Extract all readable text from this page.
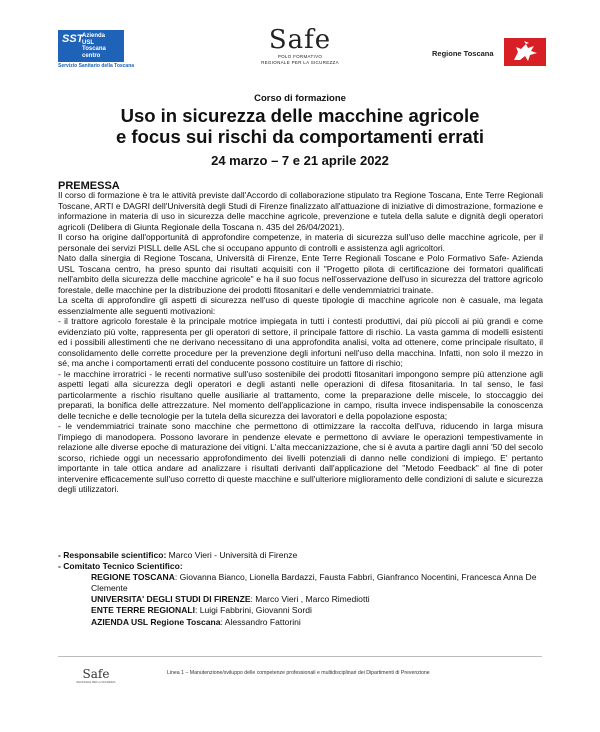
SST
Azienda
USL
Toscana
centro
Servizio Sanitario della Toscana
Safe
POLO FORMATIVO
REGIONALE PER LA SICUREZZA
Regione Toscana
Corso di formazione
Uso in sicurezza delle macchine agricole
e focus sui rischi da comportamenti errati
24 marzo – 7 e 21 aprile 2022
PREMESSA

Il corso di formazione è tra le attività previste dall'Accordo di collaborazione stipulato tra Regione Toscana, Ente Terre Regionali Toscane, ARTI e DAGRI dell'Università degli Studi di Firenze finalizzato all'attuazione di iniziative di dimostrazione, formazione e informazione in materia di uso in sicurezza delle macchine agricole, prevenzione e tutela della salute e dignità degli operatori agricoli (Delibera di Giunta Regionale della Toscana n. 435 del 26/04/2021).

Il corso ha origine dall'opportunità di approfondire competenze, in materia di sicurezza sull'uso delle macchine agricole, per il personale dei servizi PISLL delle ASL che si occupano appunto di controlli e assistenza agli agricoltori.

Nato dalla sinergia di Regione Toscana, Università di Firenze, Ente Terre Regionali Toscane e Polo Formativo Safe- Azienda USL Toscana centro, ha preso spunto dai risultati acquisiti con il "Progetto pilota di certificazione dei formatori qualificati nell'ambito della sicurezza delle macchine agricole" e ha il suo focus nell'osservazione dell'uso in sicurezza del trattore agricolo forestale, delle macchine per la distribuzione dei prodotti fitosanitari e delle vendemmiatrici trainate.

La scelta di approfondire gli aspetti di sicurezza nell'uso di queste tipologie di macchine agricole non è casuale, ma legata essenzialmente alle seguenti motivazioni:

- il trattore agricolo forestale è la principale motrice impiegata in tutti i contesti produttivi, dai più piccoli ai più grandi e come evidenziato più volte, rappresenta per gli operatori di settore, il principale fattore di rischio. La vasta gamma di modelli esistenti ed i possibili allestimenti che ne derivano necessitano di una approfondita analisi, volta ad ottenere, come principale risultato, il consolidamento delle corrette procedure per la prevenzione degli infortuni nell'uso della macchina. Infatti, non solo il mezzo in sé, ma anche i comportamenti errati del conducente possono costituire un fattore di rischio;

- le macchine irroratrici - le recenti normative sull'uso sostenibile dei prodotti fitosanitari impongono sempre più attenzione agli aspetti legati alla sicurezza degli operatori e degli astanti nelle operazioni di difesa fitosanitaria. In tal senso, le fasi particolarmente a rischio risultano quelle ausiliarie al trattamento, come la preparazione delle miscele, lo stoccaggio dei preparati, la bonifica delle attrezzature. Nel momento dell'applicazione in campo, risulta invece indispensabile la conoscenza delle tecniche e delle tecnologie per la tutela della sicurezza dei lavoratori e della popolazione esposta;

- le vendemmiatrici trainate sono macchine che permettono di ottimizzare la raccolta dell'uva, riducendo in larga misura l'impiego di manodopera. Possono lavorare in pendenze elevate e permettono di avviare le operazioni tempestivamente in relazione alle diverse epoche di maturazione dei vitigni. L'alta meccanizzazione, che si è avuta a partire dagli anni '50 del secolo scorso, richiede oggi un necessario approfondimento dei livelli potenziali di danno nelle condizioni di impiego. E' pertanto importante in tale ottica andare ad analizzare i risultati derivanti dall'applicazione del "Metodo Feedback" al fine di poter intervenire efficacemente sull'uso corretto di queste macchine e sull'ulteriore miglioramento delle condizioni di salute e sicurezza degli utilizzatori.

- Responsabile scientifico: Marco Vieri - Università di Firenze

- Comitato Tecnico Scientifico:

REGIONE TOSCANA: Giovanna Bianco, Lionella Bardazzi, Fausta Fabbri, Gianfranco Nocentini, Francesca Anna De Clemente

UNIVERSITA' DEGLI STUDI DI FIRENZE: Marco Vieri , Marco Rimediotti

ENTE TERRE REGIONALI: Luigi Fabbrini, Giovanni Sordi

AZIENDA USL Regione Toscana: Alessandro Fattorini

Safe
REGIONALE PER LA SICUREZZA
Linea 1 – Manutenzione/sviluppo delle competenze professionali e multidisciplinari dei Dipartimenti di Prevenzione
